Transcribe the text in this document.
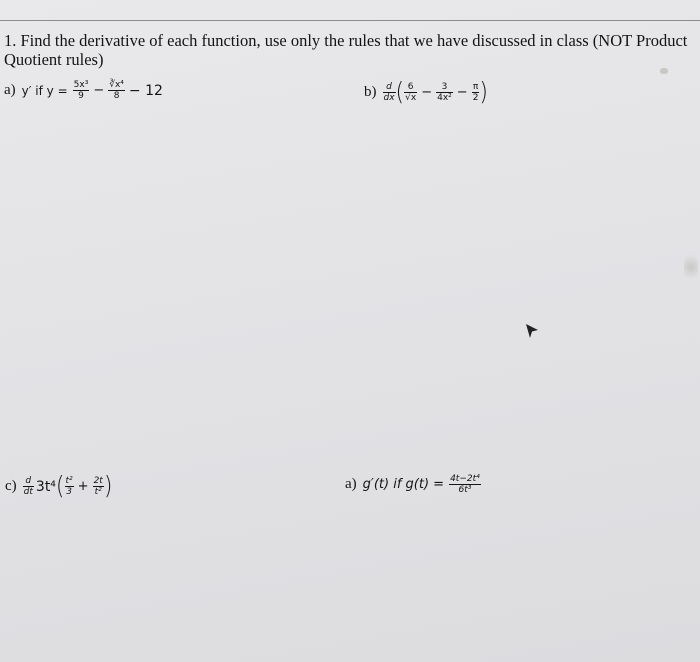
1. Find the derivative of each function, use only the rules that we have discussed in class (NOT Product
Quotient rules)
a) y′ if $y = \frac{\text{5x³}}{9} - \frac{\text{∛x⁴}}{8} - 12$	$b) \frac{d}{dx}$ ( $\frac{6}{√x} - \frac{3}{\text{4x²}} - \frac{\pi}{2}$ )
$c) \frac{d}{dt} 3t^4$ ( $\frac{\text{t²}}{3} + \frac{2t}{\text{t²}}$ )	a) g′(t) if $g(t) = \frac{\text{4t−2t⁴}}{\text{6t³}}$
